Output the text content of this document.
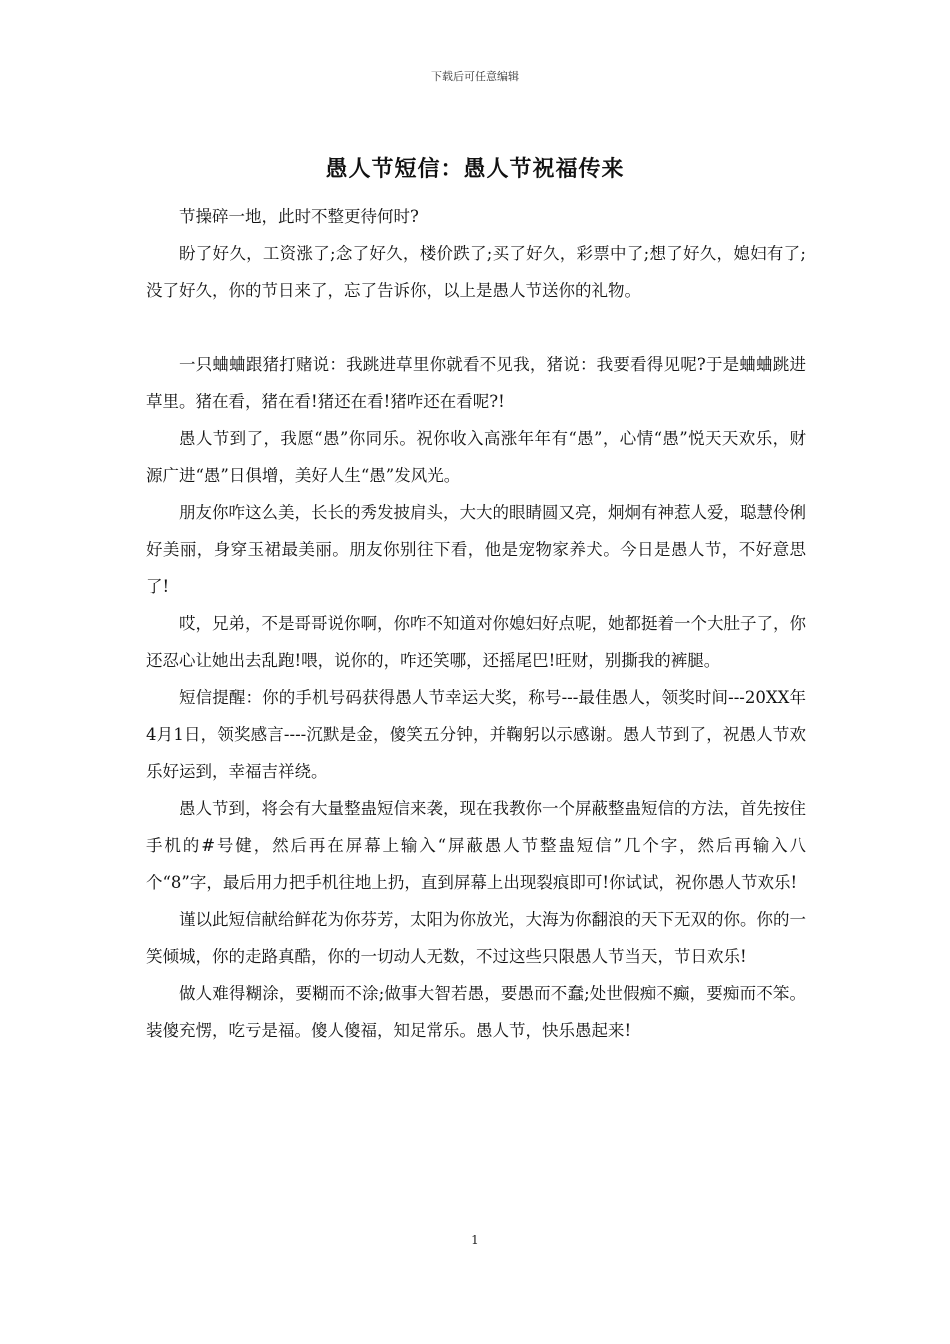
下载后可任意编辑
愚人节短信：愚人节祝福传来

节操碎一地，此时不整更待何时?

盼了好久，工资涨了;念了好久，楼价跌了;买了好久，彩票中了;想了好久，媳妇有了;没了好久，你的节日来了，忘了告诉你，以上是愚人节送你的礼物。

一只蛐蛐跟猪打赌说：我跳进草里你就看不见我，猪说：我要看得见呢?于是蛐蛐跳进草里。猪在看，猪在看!猪还在看!猪咋还在看呢?!

愚人节到了，我愿“愚”你同乐。祝你收入高涨年年有“愚”，心情“愚”悦天天欢乐，财源广进“愚”日俱增，美好人生“愚”发风光。

朋友你咋这么美，长长的秀发披肩头，大大的眼睛圆又亮，炯炯有神惹人爱，聪慧伶俐好美丽，身穿玉裙最美丽。朋友你别往下看，他是宠物家养犬。今日是愚人节，不好意思了!

哎，兄弟，不是哥哥说你啊，你咋不知道对你媳妇好点呢，她都挺着一个大肚子了，你还忍心让她出去乱跑!喂，说你的，咋还笑哪，还摇尾巴!旺财，别撕我的裤腿。

短信提醒：你的手机号码获得愚人节幸运大奖，称号---最佳愚人，领奖时间---20XX年4月1日，领奖感言----沉默是金，傻笑五分钟，并鞠躬以示感谢。愚人节到了，祝愚人节欢乐好运到，幸福吉祥绕。

愚人节到，将会有大量整蛊短信来袭，现在我教你一个屏蔽整蛊短信的方法，首先按住手机的#号健，然后再在屏幕上输入“屏蔽愚人节整蛊短信”几个字，然后再输入八个“8”字，最后用力把手机往地上扔，直到屏幕上出现裂痕即可!你试试，祝你愚人节欢乐!

谨以此短信献给鲜花为你芬芳，太阳为你放光，大海为你翻浪的天下无双的你。你的一笑倾城，你的走路真酷，你的一切动人无数，不过这些只限愚人节当天，节日欢乐!

做人难得糊涂，要糊而不涂;做事大智若愚，要愚而不蠢;处世假痴不癫，要痴而不笨。装傻充愣，吃亏是福。傻人傻福，知足常乐。愚人节，快乐愚起来!

1
